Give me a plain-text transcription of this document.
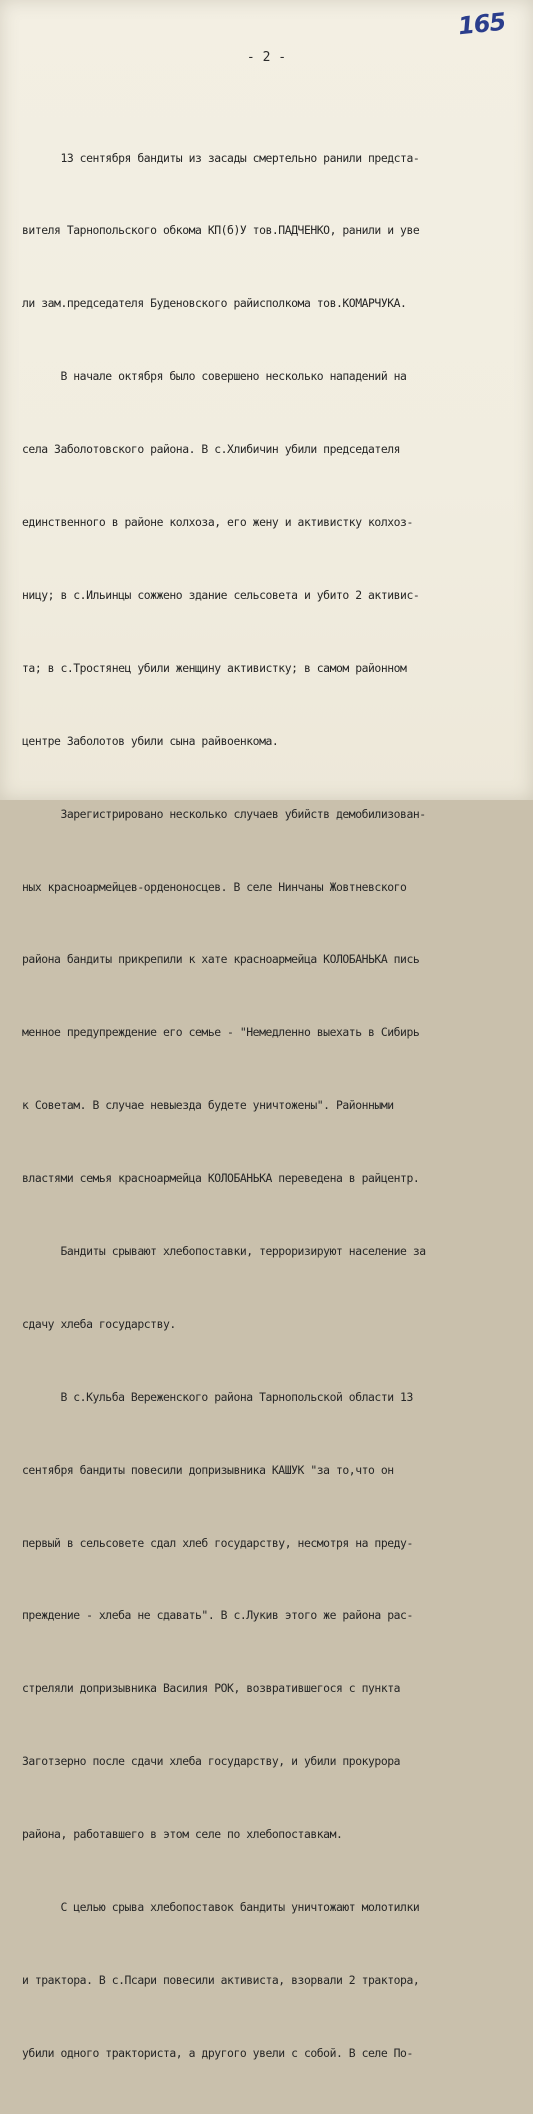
165
- 2 -

13 сентября бандиты из засады смертельно ранили предста-

вителя Тарнопольского обкома КП(б)У тов.ПАДЧЕНКО, ранили и уве

ли зам.председателя Буденовского райисполкома тов.КОМАРЧУКА.

В начале октября было совершено несколько нападений на

села Заболотовского района. В с.Хлибичин убили председателя

единственного в районе колхоза, его жену и активистку колхоз-

ницу; в с.Ильинцы сожжено здание сельсовета и убито 2 активис-

та; в с.Тростянец убили женщину активистку; в самом районном

центре Заболотов убили сына райвоенкома.

Зарегистрировано несколько случаев убийств демобилизован-

ных красноармейцев-орденоносцев. В селе Нинчаны Жовтневского

района бандиты прикрепили к хате красноармейца КОЛОБАНЬКА пись

менное предупреждение его семье - "Немедленно выехать в Сибирь

к Советам. В случае невыезда будете уничтожены". Районными

властями семья красноармейца КОЛОБАНЬКА переведена в райцентр.

Бандиты срывают хлебопоставки, терроризируют население за

сдачу хлеба государству.

В с.Кульба Вереженского района Тарнопольской области 13

сентября бандиты повесили допризывника КАШУК "за то,что он

первый в сельсовете сдал хлеб государству, несмотря на преду-

преждение - хлеба не сдавать". В с.Лукив этого же района рас-

стреляли допризывника Василия РОК, возвратившегося с пункта

Заготзерно после сдачи хлеба государству, и убили прокурора

района, работавшего в этом селе по хлебопоставкам.

С целью срыва хлебопоставок бандиты уничтожают молотилки

и трактора. В с.Псари повесили активиста, взорвали 2 трактора,

убили одного тракториста, а другого увели с собой. В селе По-
